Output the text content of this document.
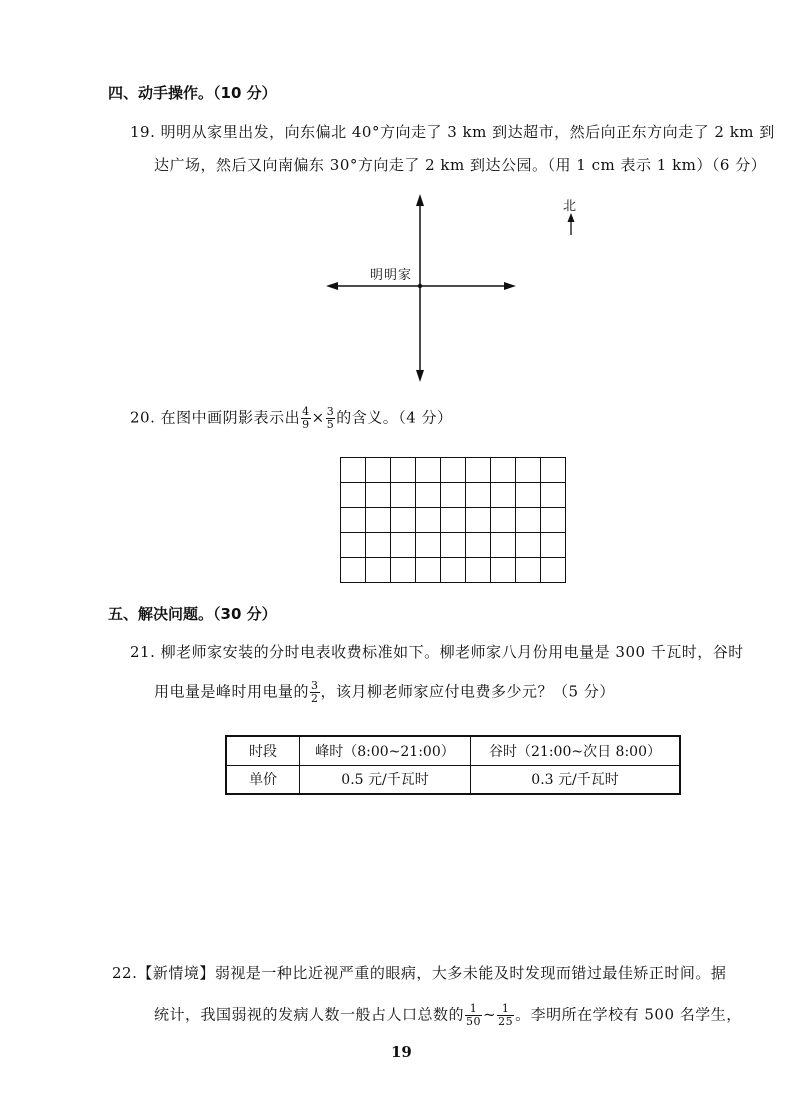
四、动手操作。（10 分）
19. 明明从家里出发，向东偏北 40°方向走了 3 km 到达超市，然后向正东方向走了 2 km 到
达广场，然后又向南偏东 30°方向走了 2 km 到达公园。（用 1 cm 表示 1 km）（6 分）
北
明明家
20. 在图中画阴影表示出 $\frac{4}{9} \times \frac{3}{5}$ 的含义。（4 分）

五、解决问题。（30 分）
21. 柳老师家安装的分时电表收费标准如下。柳老师家八月份用电量是 300 千瓦时，谷时
用电量是峰时用电量的 $\frac{3}{2}$ ，该月柳老师家应付电费多少元？（5 分）
时段	峰时（8:00~21:00）	谷时（21:00~次日 8:00）
单价	0.5 元/千瓦时	0.3 元/千瓦时
22.【新情境】弱视是一种比近视严重的眼病，大多未能及时发现而错过最佳矫正时间。据
统计，我国弱视的发病人数一般占人口总数的 $\frac{1}{50}$ ~ $\frac{1}{25}$ 。李明所在学校有 500 名学生，
19
